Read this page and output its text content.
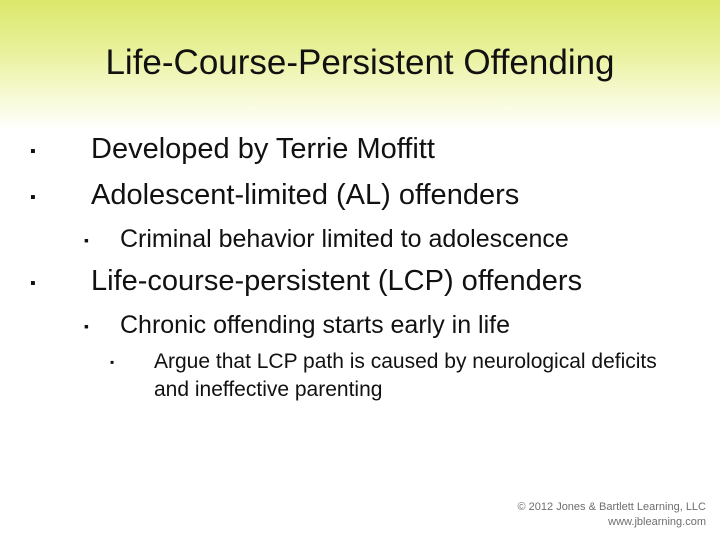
Life-Course-Persistent Offending
▪ Developed by Terrie Moffitt
▪ Adolescent-limited (AL) offenders
▪ Criminal behavior limited to adolescence
▪ Life-course-persistent (LCP) offenders
▪ Chronic offending starts early in life
▪ Argue that LCP path is caused by neurological deficits and ineffective parenting
© 2012 Jones & Bartlett Learning, LLC
www.jblearning.com
